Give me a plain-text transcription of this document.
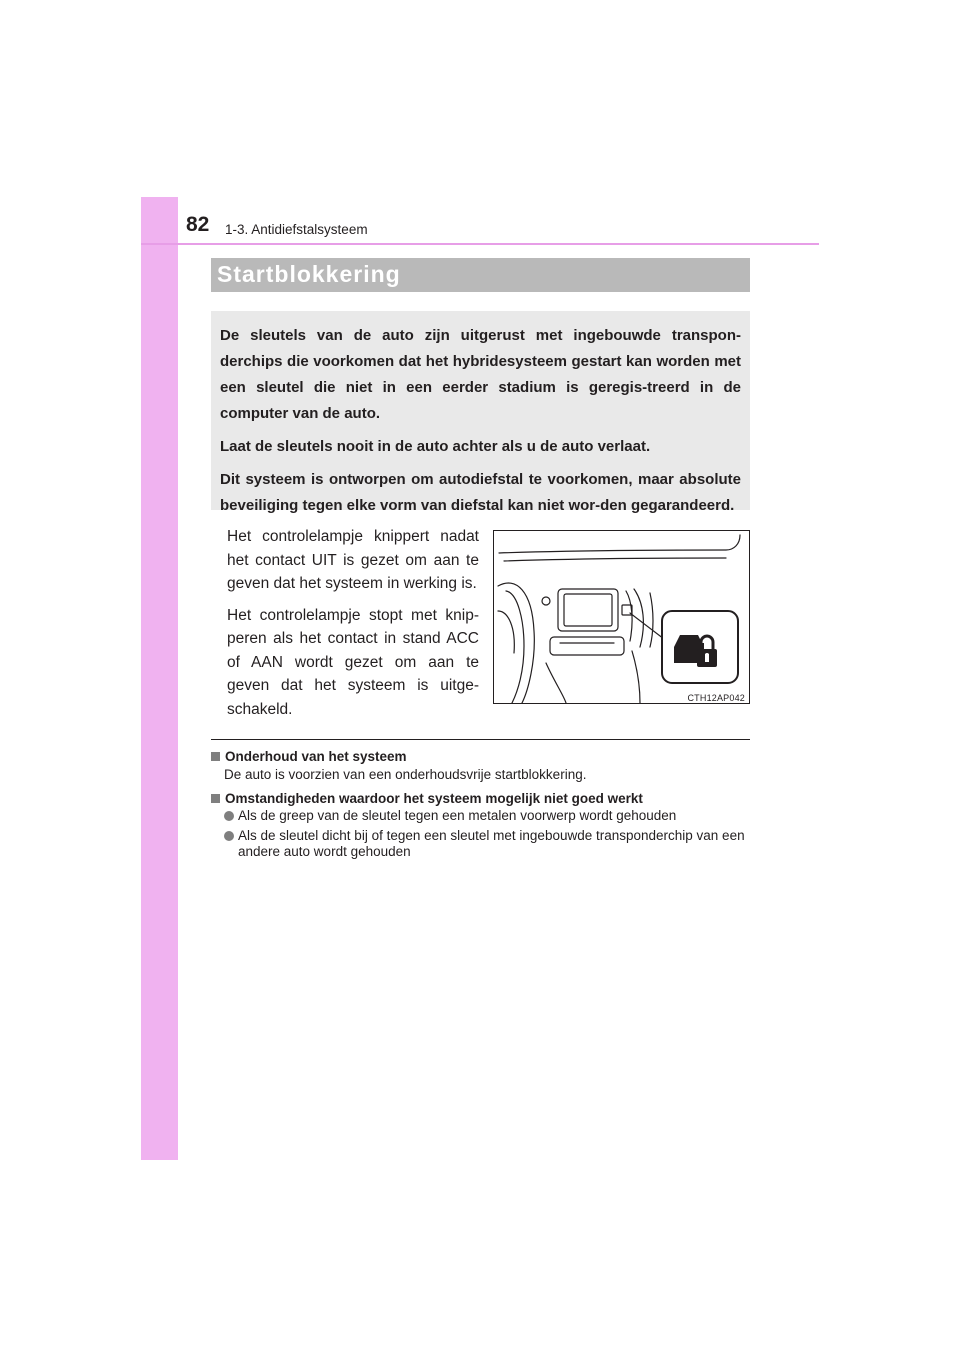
82 1-3. Antidiefstalsysteem
Startblokkering

De sleutels van de auto zijn uitgerust met ingebouwde transpon-derchips die voorkomen dat het hybridesysteem gestart kan worden met een sleutel die niet in een eerder stadium is geregis-treerd in de computer van de auto.

Laat de sleutels nooit in de auto achter als u de auto verlaat.

Dit systeem is ontworpen om autodiefstal te voorkomen, maar absolute beveiliging tegen elke vorm van diefstal kan niet wor-den gegarandeerd.

Het controlelampje knippert nadat het contact UIT is gezet om aan te geven dat het systeem in werking is.

Het controlelampje stopt met knip-peren als het contact in stand ACC of AAN wordt gezet om aan te geven dat het systeem is uitge-schakeld.

CTH12AP042

Onderhoud van het systeem

De auto is voorzien van een onderhoudsvrije startblokkering.

Omstandigheden waardoor het systeem mogelijk niet goed werkt

Als de greep van de sleutel tegen een metalen voorwerp wordt gehouden

Als de sleutel dicht bij of tegen een sleutel met ingebouwde transponderchip van een andere auto wordt gehouden
